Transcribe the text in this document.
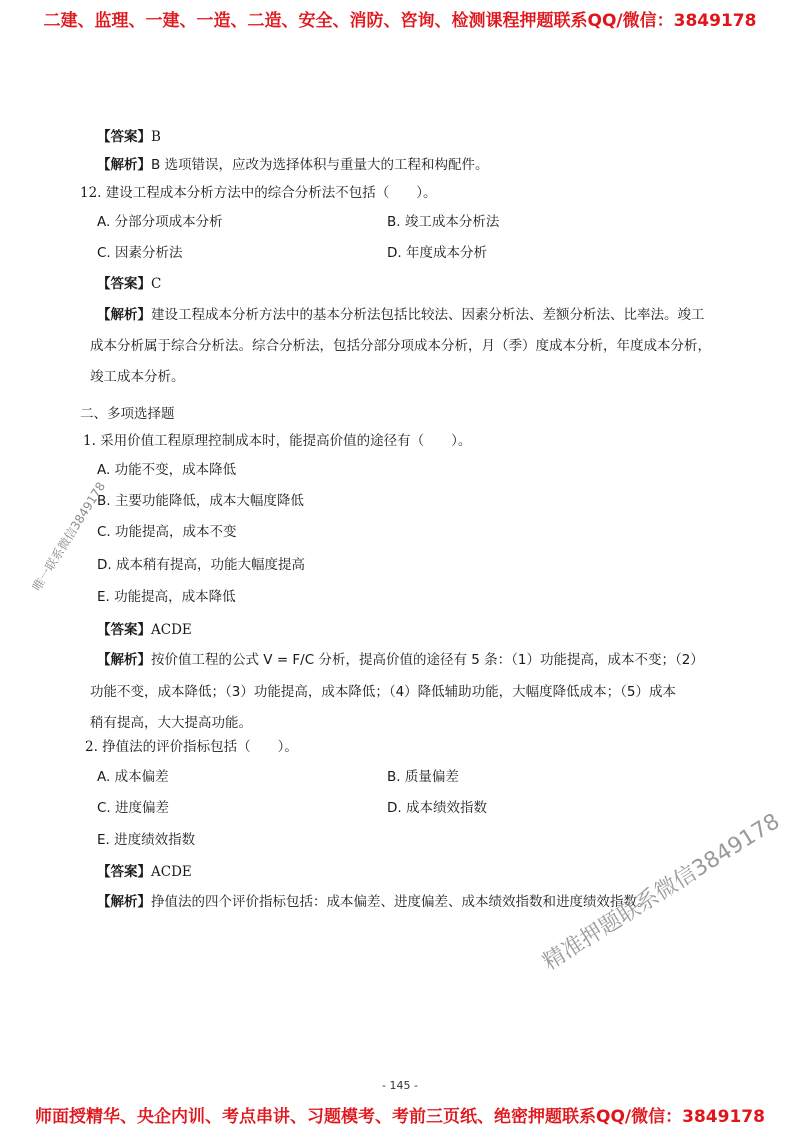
二建、监理、一建、一造、二造、安全、消防、咨询、检测课程押题联系QQ/微信：3849178
【答案】B
【解析】B 选项错误，应改为选择体积与重量大的工程和构配件。
12. 建设工程成本分析方法中的综合分析法不包括（　　）。
A. 分部分项成本分析	B. 竣工成本分析法
C. 因素分析法	D. 年度成本分析
【答案】C
【解析】建设工程成本分析方法中的基本分析法包括比较法、因素分析法、差额分析法、比率法。竣工
成本分析属于综合分析法。综合分析法，包括分部分项成本分析，月（季）度成本分析，年度成本分析，
竣工成本分析。
二、多项选择题
1. 采用价值工程原理控制成本时，能提高价值的途径有（　　）。
A. 功能不变，成本降低
B. 主要功能降低，成本大幅度降低
C. 功能提高，成本不变
D. 成本稍有提高，功能大幅度提高
E. 功能提高，成本降低
【答案】ACDE
【解析】按价值工程的公式 V = F/C 分析，提高价值的途径有 5 条：（1）功能提高，成本不变；（2）
功能不变，成本降低；（3）功能提高，成本降低；（4）降低辅助功能，大幅度降低成本；（5）成本
稍有提高，大大提高功能。
2. 挣值法的评价指标包括（　　）。
A. 成本偏差	B. 质量偏差
C. 进度偏差	D. 成本绩效指数
E. 进度绩效指数
【答案】ACDE
【解析】挣值法的四个评价指标包括：成本偏差、进度偏差、成本绩效指数和进度绩效指数。
唯一联系微信3849178
精准押题联系微信3849178
- 145 -
师面授精华、央企内训、考点串讲、习题模考、考前三页纸、绝密押题联系QQ/微信：3849178
